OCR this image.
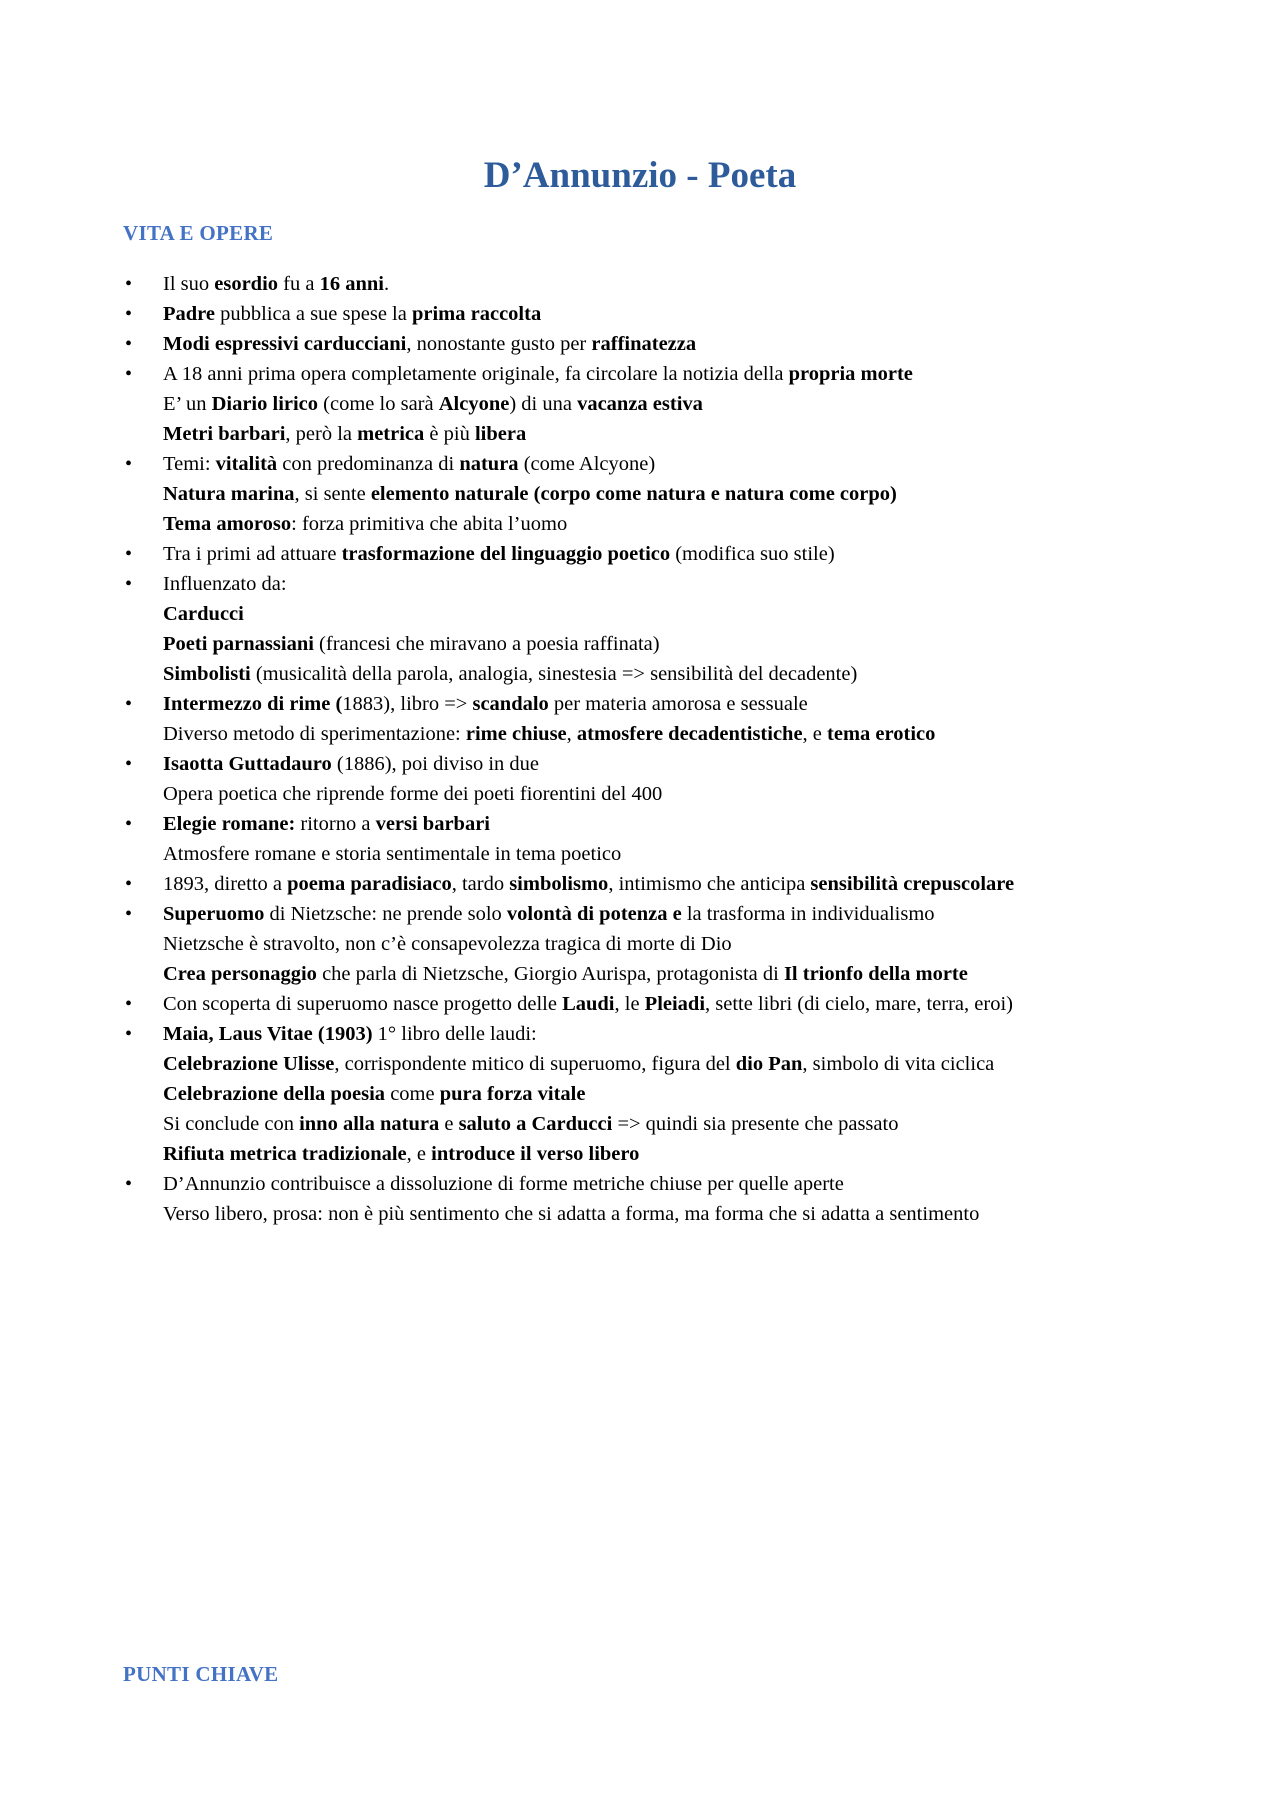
D’Annunzio - Poeta
VITA E OPERE
•	Il suo esordio fu a 16 anni.
•	Padre pubblica a sue spese la prima raccolta
•	Modi espressivi carducciani, nonostante gusto per raffinatezza
•	A 18 anni prima opera completamente originale, fa circolare la notizia della propria morte
E’ un Diario lirico (come lo sarà Alcyone) di una vacanza estiva
Metri barbari, però la metrica è più libera
•	Temi: vitalità con predominanza di natura (come Alcyone)
Natura marina, si sente elemento naturale (corpo come natura e natura come corpo)
Tema amoroso: forza primitiva che abita l’uomo
•	Tra i primi ad attuare trasformazione del linguaggio poetico (modifica suo stile)
•	Influenzato da:
Carducci
Poeti parnassiani (francesi che miravano a poesia raffinata)
Simbolisti (musicalità della parola, analogia, sinestesia => sensibilità del decadente)
•	Intermezzo di rime (1883), libro => scandalo per materia amorosa e sessuale
Diverso metodo di sperimentazione: rime chiuse, atmosfere decadentistiche, e tema erotico
•	Isaotta Guttadauro (1886), poi diviso in due
Opera poetica che riprende forme dei poeti fiorentini del 400
•	Elegie romane: ritorno a versi barbari
Atmosfere romane e storia sentimentale in tema poetico
•	1893, diretto a poema paradisiaco, tardo simbolismo, intimismo che anticipa sensibilità crepuscolare
•	Superuomo di Nietzsche: ne prende solo volontà di potenza e la trasforma in individualismo
Nietzsche è stravolto, non c’è consapevolezza tragica di morte di Dio
Crea personaggio che parla di Nietzsche, Giorgio Aurispa, protagonista di Il trionfo della morte
•	Con scoperta di superuomo nasce progetto delle Laudi, le Pleiadi, sette libri (di cielo, mare, terra, eroi)
•	Maia, Laus Vitae (1903) 1° libro delle laudi:
Celebrazione Ulisse, corrispondente mitico di superuomo, figura del dio Pan, simbolo di vita ciclica
Celebrazione della poesia come pura forza vitale
Si conclude con inno alla natura e saluto a Carducci => quindi sia presente che passato
Rifiuta metrica tradizionale, e introduce il verso libero
•	D’Annunzio contribuisce a dissoluzione di forme metriche chiuse per quelle aperte
Verso libero, prosa: non è più sentimento che si adatta a forma, ma forma che si adatta a sentimento
PUNTI CHIAVE
